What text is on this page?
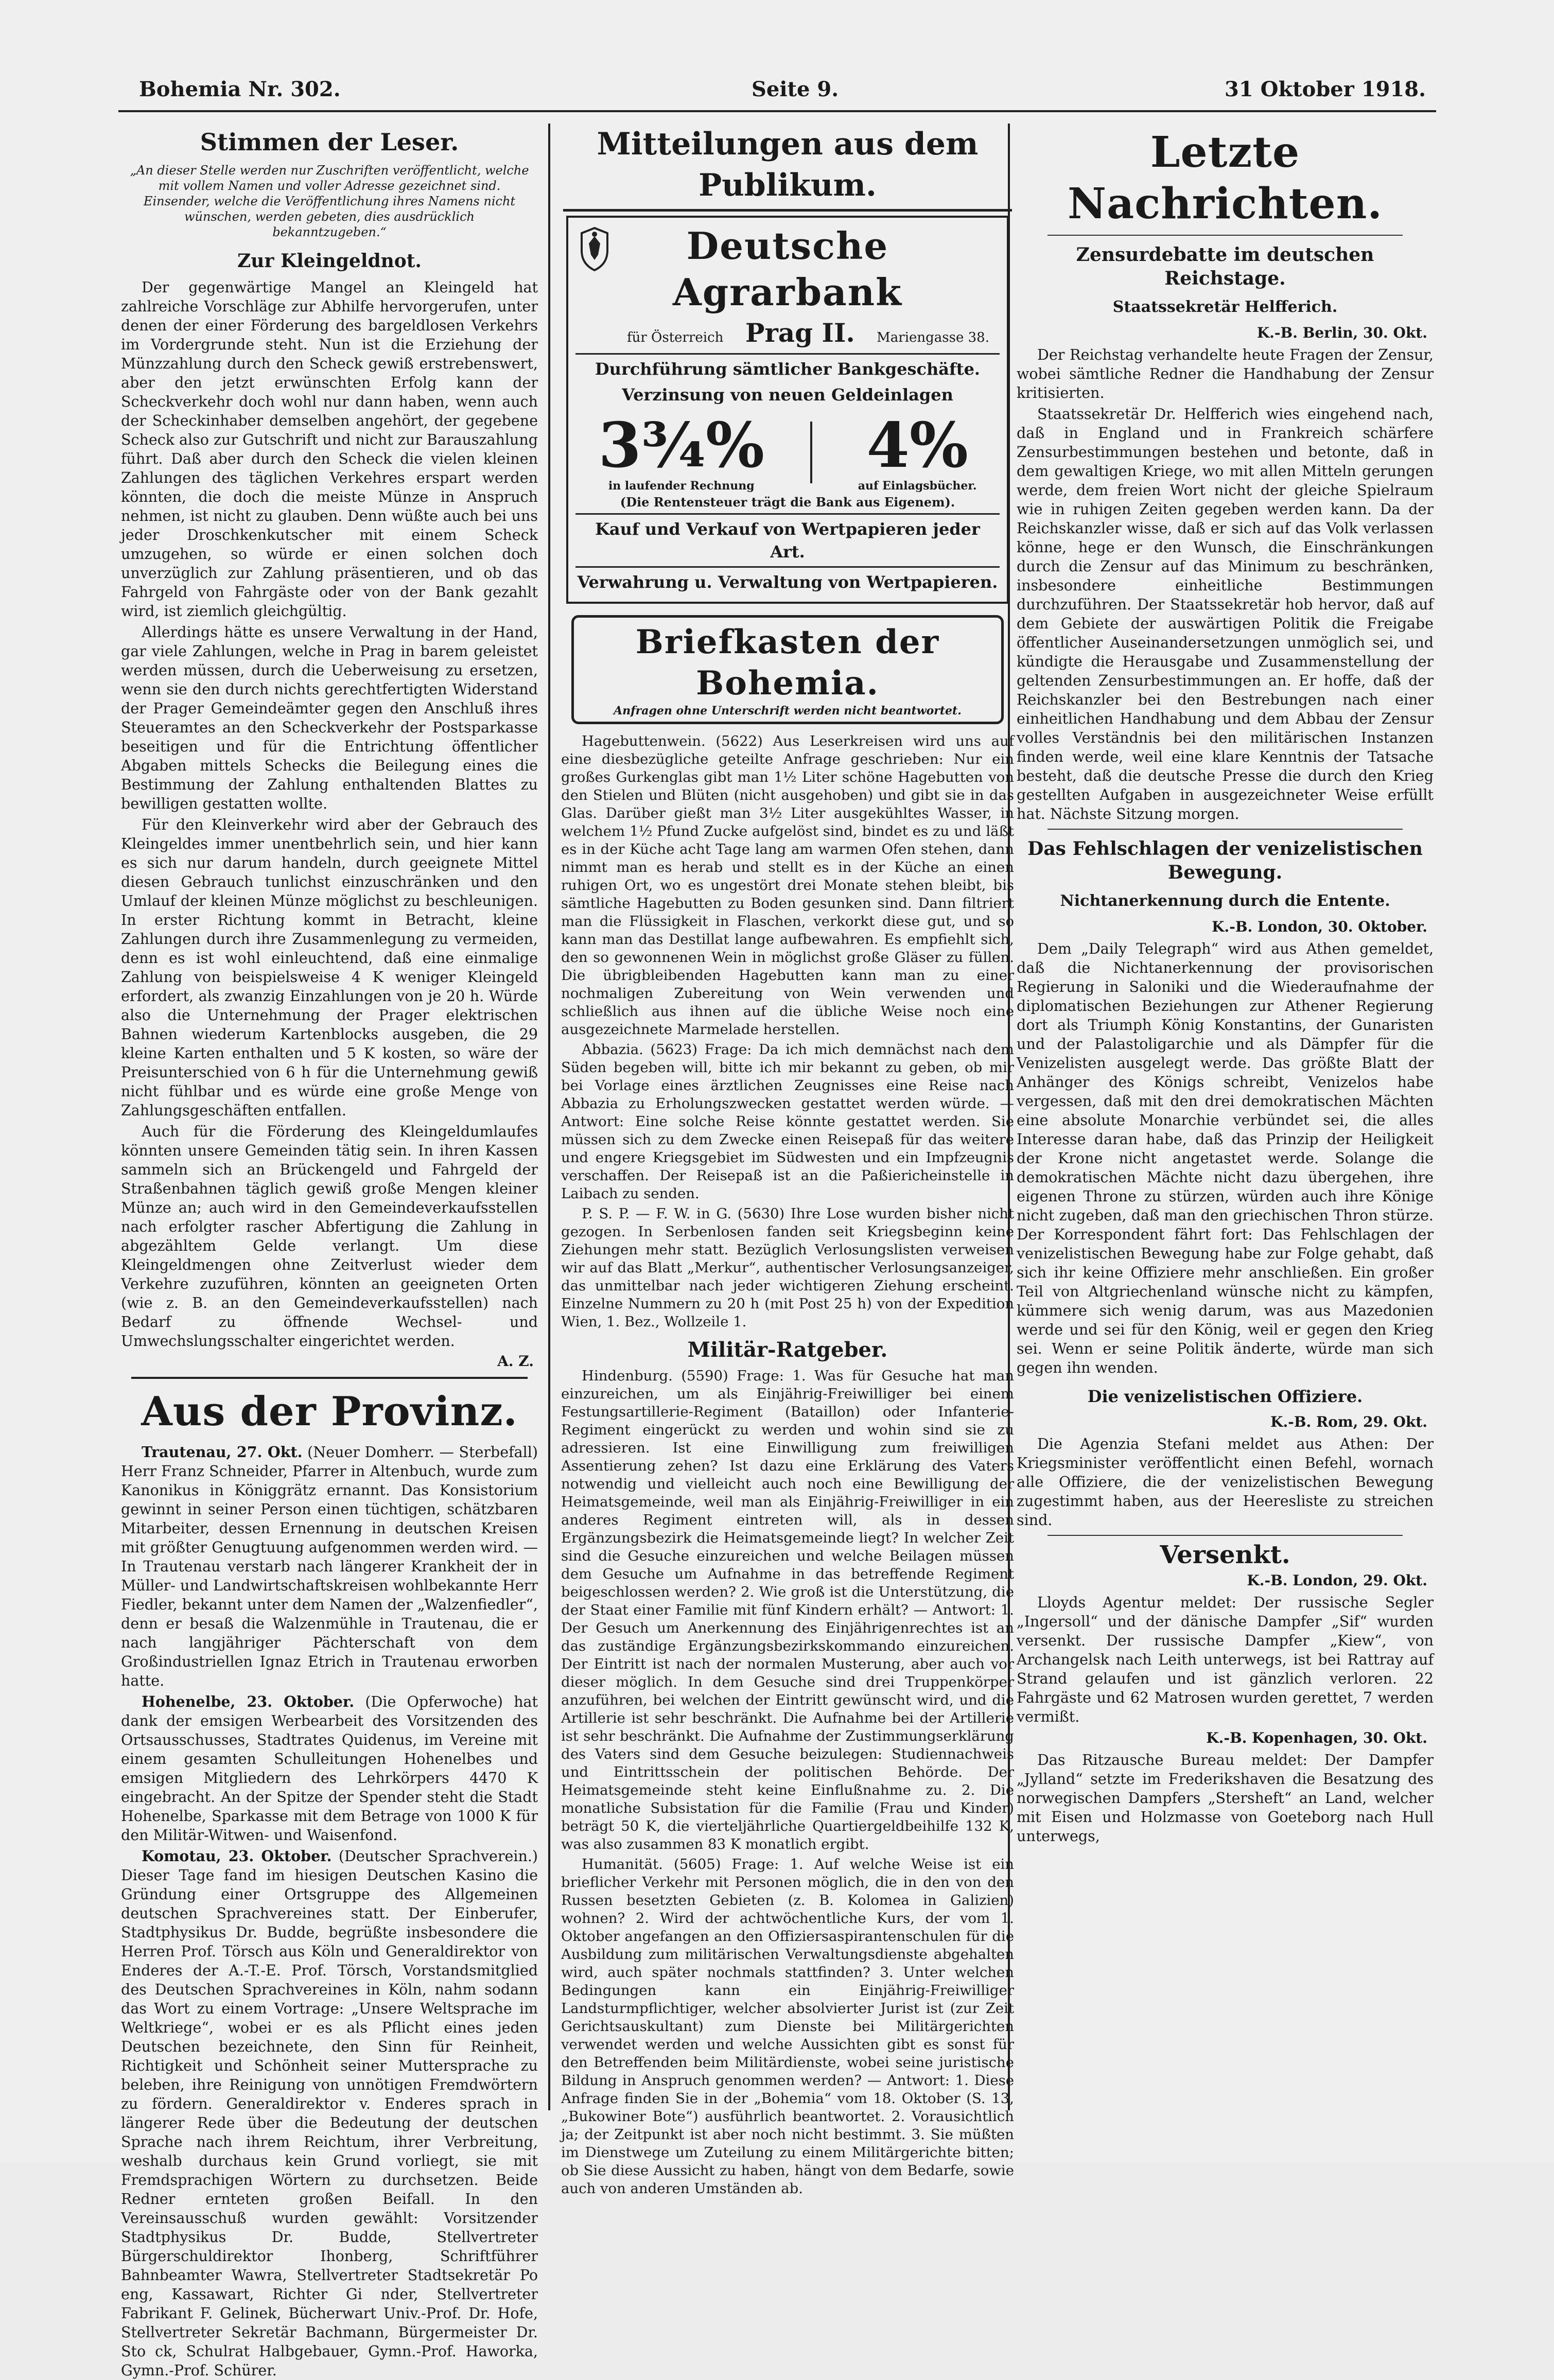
Bohemia Nr. 302.	Seite 9.	31 Oktober 1918.
Stimmen der Leser.
„An dieser Stelle werden nur Zuschriften veröffentlicht, welche mit vollem Namen und voller Adresse gezeichnet sind. Einsender, welche die Veröffentlichung ihres Namens nicht wünschen, werden gebeten, dies ausdrücklich bekanntzugeben.“
Zur Kleingeldnot.

Der gegenwärtige Mangel an Kleingeld hat zahlreiche Vorschläge zur Abhilfe hervorgerufen, unter denen der einer Förderung des bargeldlosen Verkehrs im Vordergrunde steht. Nun ist die Erziehung der Münzzahlung durch den Scheck gewiß erstrebenswert, aber den jetzt erwünschten Erfolg kann der Scheckverkehr doch wohl nur dann haben, wenn auch der Scheckinhaber demselben angehört, der gegebene Scheck also zur Gutschrift und nicht zur Barauszahlung führt. Daß aber durch den Scheck die vielen kleinen Zahlungen des täglichen Verkehres erspart werden könnten, die doch die meiste Münze in Anspruch nehmen, ist nicht zu glauben. Denn wüßte auch bei uns jeder Droschkenkutscher mit einem Scheck umzugehen, so würde er einen solchen doch unverzüglich zur Zahlung präsentieren, und ob das Fahrgeld von Fahrgäste oder von der Bank gezahlt wird, ist ziemlich gleichgültig.

Allerdings hätte es unsere Verwaltung in der Hand, gar viele Zahlungen, welche in Prag in barem geleistet werden müssen, durch die Ueberweisung zu ersetzen, wenn sie den durch nichts gerechtfertigten Widerstand der Prager Gemeindeämter gegen den Anschluß ihres Steueramtes an den Scheckverkehr der Postsparkasse beseitigen und für die Entrichtung öffentlicher Abgaben mittels Schecks die Beilegung eines die Bestimmung der Zahlung enthaltenden Blattes zu bewilligen gestatten wollte.

Für den Kleinverkehr wird aber der Gebrauch des Kleingeldes immer unentbehrlich sein, und hier kann es sich nur darum handeln, durch geeignete Mittel diesen Gebrauch tunlichst einzuschränken und den Umlauf der kleinen Münze möglichst zu beschleunigen. In erster Richtung kommt in Betracht, kleine Zahlungen durch ihre Zusammenlegung zu vermeiden, denn es ist wohl einleuchtend, daß eine einmalige Zahlung von beispielsweise 4 K weniger Kleingeld erfordert, als zwanzig Einzahlungen von je 20 h. Würde also die Unternehmung der Prager elektrischen Bahnen wiederum Kartenblocks ausgeben, die 29 kleine Karten enthalten und 5 K kosten, so wäre der Preisunterschied von 6 h für die Unternehmung gewiß nicht fühlbar und es würde eine große Menge von Zahlungsgeschäften entfallen.

Auch für die Förderung des Kleingeldumlaufes könnten unsere Gemeinden tätig sein. In ihren Kassen sammeln sich an Brückengeld und Fahrgeld der Straßenbahnen täglich gewiß große Mengen kleiner Münze an; auch wird in den Gemeindeverkaufsstellen nach erfolgter rascher Abfertigung die Zahlung in abgezähltem Gelde verlangt. Um diese Kleingeldmengen ohne Zeitverlust wieder dem Verkehre zuzuführen, könnten an geeigneten Orten (wie z. B. an den Gemeindeverkaufsstellen) nach Bedarf zu öffnende Wechsel- und Umwechslungsschalter eingerichtet werden.

A. Z.
Aus der Provinz.

Trautenau, 27. Okt. (Neuer Domherr. — Sterbefall) Herr Franz Schneider, Pfarrer in Altenbuch, wurde zum Kanonikus in Königgrätz ernannt. Das Konsistorium gewinnt in seiner Person einen tüchtigen, schätzbaren Mitarbeiter, dessen Ernennung in deutschen Kreisen mit größter Genugtuung aufgenommen werden wird. — In Trautenau verstarb nach längerer Krankheit der in Müller- und Landwirtschaftskreisen wohlbekannte Herr Fiedler, bekannt unter dem Namen der „Walzenfiedler“, denn er besaß die Walzenmühle in Trautenau, die er nach langjähriger Pächterschaft von dem Großindustriellen Ignaz Etrich in Trautenau erworben hatte.

Hohenelbe, 23. Oktober. (Die Opferwoche) hat dank der emsigen Werbearbeit des Vorsitzenden des Ortsausschusses, Stadtrates Quidenus, im Vereine mit einem gesamten Schulleitungen Hohenelbes und emsigen Mitgliedern des Lehrkörpers 4470 K eingebracht. An der Spitze der Spender steht die Stadt Hohenelbe, Sparkasse mit dem Betrage von 1000 K für den Militär-Witwen- und Waisenfond.

Komotau, 23. Oktober. (Deutscher Sprachverein.) Dieser Tage fand im hiesigen Deutschen Kasino die Gründung einer Ortsgruppe des Allgemeinen deutschen Sprachvereines statt. Der Einberufer, Stadtphysikus Dr. Budde, begrüßte insbesondere die Herren Prof. Törsch aus Köln und Generaldirektor von Enderes der A.-T.-E. Prof. Törsch, Vorstandsmitglied des Deutschen Sprachvereines in Köln, nahm sodann das Wort zu einem Vortrage: „Unsere Weltsprache im Weltkriege“, wobei er es als Pflicht eines jeden Deutschen bezeichnete, den Sinn für Reinheit, Richtigkeit und Schönheit seiner Muttersprache zu beleben, ihre Reinigung von unnötigen Fremdwörtern zu fördern. Generaldirektor v. Enderes sprach in längerer Rede über die Bedeutung der deutschen Sprache nach ihrem Reichtum, ihrer Verbreitung, weshalb durchaus kein Grund vorliegt, sie mit Fremdsprachigen Wörtern zu durchsetzen. Beide Redner ernteten großen Beifall. In den Vereinsausschuß wurden gewählt: Vorsitzender Stadtphysikus Dr. Budde, Stellvertreter Bürgerschuldirektor Ihonberg, Schriftführer Bahnbeamter Wawra, Stellvertreter Stadtsekretär Po eng, Kassawart, Richter Gi nder, Stellvertreter Fabrikant F. Gelinek, Bücherwart Univ.-Prof. Dr. Hofe, Stellvertreter Sekretär Bachmann, Bürgermeister Dr. Sto ck, Schulrat Halbgebauer, Gymn.-Prof. Haworka, Gymn.-Prof. Schürer.

Mitteilungen aus dem Publikum.
Deutsche Agrarbank
für Österreich Prag II. Mariengasse 38.
Durchführung sämtlicher Bankgeschäfte.
Verzinsung von neuen Geldeinlagen
3¾%
in laufender Rechnung
4%
auf Einlagsbücher.
(Die Rentensteuer trägt die Bank aus Eigenem).
Kauf und Verkauf von Wertpapieren jeder Art.
Verwahrung u. Verwaltung von Wertpapieren.
Briefkasten der Bohemia.
Anfragen ohne Unterschrift werden nicht beantwortet.

Hagebuttenwein. (5622) Aus Leserkreisen wird uns auf eine diesbezügliche geteilte Anfrage geschrieben: Nur ein großes Gurkenglas gibt man 1½ Liter schöne Hagebutten von den Stielen und Blüten (nicht ausgehoben) und gibt sie in das Glas. Darüber gießt man 3½ Liter ausgekühltes Wasser, in welchem 1½ Pfund Zucke aufgelöst sind, bindet es zu und läßt es in der Küche acht Tage lang am warmen Ofen stehen, dann nimmt man es herab und stellt es in der Küche an einen ruhigen Ort, wo es ungestört drei Monate stehen bleibt, bis sämtliche Hagebutten zu Boden gesunken sind. Dann filtriert man die Flüssigkeit in Flaschen, verkorkt diese gut, und so kann man das Destillat lange aufbewahren. Es empfiehlt sich, den so gewonnenen Wein in möglichst große Gläser zu füllen. Die übrigbleibenden Hagebutten kann man zu einer nochmaligen Zubereitung von Wein verwenden und schließlich aus ihnen auf die übliche Weise noch eine ausgezeichnete Marmelade herstellen.

Abbazia. (5623) Frage: Da ich mich demnächst nach dem Süden begeben will, bitte ich mir bekannt zu geben, ob mir bei Vorlage eines ärztlichen Zeugnisses eine Reise nach Abbazia zu Erholungszwecken gestattet werden würde. — Antwort: Eine solche Reise könnte gestattet werden. Sie müssen sich zu dem Zwecke einen Reisepaß für das weitere und engere Kriegsgebiet im Südwesten und ein Impfzeugnis verschaffen. Der Reisepaß ist an die Paßiericheinstelle in Laibach zu senden.

P. S. P. — F. W. in G. (5630) Ihre Lose wurden bisher nicht gezogen. In Serbenlosen fanden seit Kriegsbeginn keine Ziehungen mehr statt. Bezüglich Verlosungslisten verweisen wir auf das Blatt „Merkur“, authentischer Verlosungsanzeiger, das unmittelbar nach jeder wichtigeren Ziehung erscheint. Einzelne Nummern zu 20 h (mit Post 25 h) von der Expedition Wien, 1. Bez., Wollzeile 1.

Militär-Ratgeber.

Hindenburg. (5590) Frage: 1. Was für Gesuche hat man einzureichen, um als Einjährig-Freiwilliger bei einem Festungsartillerie-Regiment (Bataillon) oder Infanterie-Regiment eingerückt zu werden und wohin sind sie zu adressieren. Ist eine Einwilligung zum freiwilligen Assentierung zehen? Ist dazu eine Erklärung des Vaters notwendig und vielleicht auch noch eine Bewilligung der Heimatsgemeinde, weil man als Einjährig-Freiwilliger in ein anderes Regiment eintreten will, als in dessen Ergänzungsbezirk die Heimatsgemeinde liegt? In welcher Zeit sind die Gesuche einzureichen und welche Beilagen müssen dem Gesuche um Aufnahme in das betreffende Regiment beigeschlossen werden? 2. Wie groß ist die Unterstützung, die der Staat einer Familie mit fünf Kindern erhält? — Antwort: 1. Der Gesuch um Anerkennung des Einjährigenrechtes ist an das zuständige Ergänzungsbezirkskommando einzureichen. Der Eintritt ist nach der normalen Musterung, aber auch vor dieser möglich. In dem Gesuche sind drei Truppenkörper anzuführen, bei welchen der Eintritt gewünscht wird, und die Artillerie ist sehr beschränkt. Die Aufnahme bei der Artillerie ist sehr beschränkt. Die Aufnahme der Zustimmungserklärung des Vaters sind dem Gesuche beizulegen: Studiennachweis und Eintrittsschein der politischen Behörde. Der Heimatsgemeinde steht keine Einflußnahme zu. 2. Die monatliche Subsistation für die Familie (Frau und Kinder) beträgt 50 K, die vierteljährliche Quartiergeldbeihilfe 132 K, was also zusammen 83 K monatlich ergibt.

Humanität. (5605) Frage: 1. Auf welche Weise ist ein brieflicher Verkehr mit Personen möglich, die in den von den Russen besetzten Gebieten (z. B. Kolomea in Galizien) wohnen? 2. Wird der achtwöchentliche Kurs, der vom 1. Oktober angefangen an den Offiziersaspirantenschulen für die Ausbildung zum militärischen Verwaltungsdienste abgehalten wird, auch später nochmals stattfinden? 3. Unter welchen Bedingungen kann ein Einjährig-Freiwilliger Landsturmpflichtiger, welcher absolvierter Jurist ist (zur Zeit Gerichtsauskultant) zum Dienste bei Militärgerichten verwendet werden und welche Aussichten gibt es sonst für den Betreffenden beim Militärdienste, wobei seine juristische Bildung in Anspruch genommen werden? — Antwort: 1. Diese Anfrage finden Sie in der „Bohemia“ vom 18. Oktober (S. 13, „Bukowiner Bote“) ausführlich beantwortet. 2. Vorausichtlich ja; der Zeitpunkt ist aber noch nicht bestimmt. 3. Sie müßten im Dienstwege um Zuteilung zu einem Militärgerichte bitten; ob Sie diese Aussicht zu haben, hängt von dem Bedarfe, sowie auch von anderen Umständen ab.

Letzte Nachrichten.
Zensurdebatte im deutschen Reichstage.
Staatssekretär Helfferich.
K.-B. Berlin, 30. Okt.

Der Reichstag verhandelte heute Fragen der Zensur, wobei sämtliche Redner die Handhabung der Zensur kritisierten.

Staatssekretär Dr. Helfferich wies eingehend nach, daß in England und in Frankreich schärfere Zensurbestimmungen bestehen und betonte, daß in dem gewaltigen Kriege, wo mit allen Mitteln gerungen werde, dem freien Wort nicht der gleiche Spielraum wie in ruhigen Zeiten gegeben werden kann. Da der Reichskanzler wisse, daß er sich auf das Volk verlassen könne, hege er den Wunsch, die Einschränkungen durch die Zensur auf das Minimum zu beschränken, insbesondere einheitliche Bestimmungen durchzuführen. Der Staatssekretär hob hervor, daß auf dem Gebiete der auswärtigen Politik die Freigabe öffentlicher Auseinandersetzungen unmöglich sei, und kündigte die Herausgabe und Zusammenstellung der geltenden Zensurbestimmungen an. Er hoffe, daß der Reichskanzler bei den Bestrebungen nach einer einheitlichen Handhabung und dem Abbau der Zensur volles Verständnis bei den militärischen Instanzen finden werde, weil eine klare Kenntnis der Tatsache besteht, daß die deutsche Presse die durch den Krieg gestellten Aufgaben in ausgezeichneter Weise erfüllt hat. Nächste Sitzung morgen.

Das Fehlschlagen der venizelistischen Bewegung.
Nichtanerkennung durch die Entente.
K.-B. London, 30. Oktober.

Dem „Daily Telegraph“ wird aus Athen gemeldet, daß die Nichtanerkennung der provisorischen Regierung in Saloniki und die Wiederaufnahme der diplomatischen Beziehungen zur Athener Regierung dort als Triumph König Konstantins, der Gunaristen und der Palastoligarchie und als Dämpfer für die Venizelisten ausgelegt werde. Das größte Blatt der Anhänger des Königs schreibt, Venizelos habe vergessen, daß mit den drei demokratischen Mächten eine absolute Monarchie verbündet sei, die alles Interesse daran habe, daß das Prinzip der Heiligkeit der Krone nicht angetastet werde. Solange die demokratischen Mächte nicht dazu übergehen, ihre eigenen Throne zu stürzen, würden auch ihre Könige nicht zugeben, daß man den griechischen Thron stürze. Der Korrespondent fährt fort: Das Fehlschlagen der venizelistischen Bewegung habe zur Folge gehabt, daß sich ihr keine Offiziere mehr anschließen. Ein großer Teil von Altgriechenland wünsche nicht zu kämpfen, kümmere sich wenig darum, was aus Mazedonien werde und sei für den König, weil er gegen den Krieg sei. Wenn er seine Politik änderte, würde man sich gegen ihn wenden.

Die venizelistischen Offiziere.
K.-B. Rom, 29. Okt.

Die Agenzia Stefani meldet aus Athen: Der Kriegsminister veröffentlicht einen Befehl, wornach alle Offiziere, die der venizelistischen Bewegung zugestimmt haben, aus der Heeresliste zu streichen sind.

Versenkt.
K.-B. London, 29. Okt.

Lloyds Agentur meldet: Der russische Segler „Ingersoll“ und der dänische Dampfer „Sif“ wurden versenkt. Der russische Dampfer „Kiew“, von Archangelsk nach Leith unterwegs, ist bei Rattray auf Strand gelaufen und ist gänzlich verloren. 22 Fahrgäste und 62 Matrosen wurden gerettet, 7 werden vermißt.

K.-B. Kopenhagen, 30. Okt.

Das Ritzausche Bureau meldet: Der Dampfer „Jylland“ setzte im Frederikshaven die Besatzung des norwegischen Dampfers „Stersheft“ an Land, welcher mit Eisen und Holzmasse von Goeteborg nach Hull unterwegs,
